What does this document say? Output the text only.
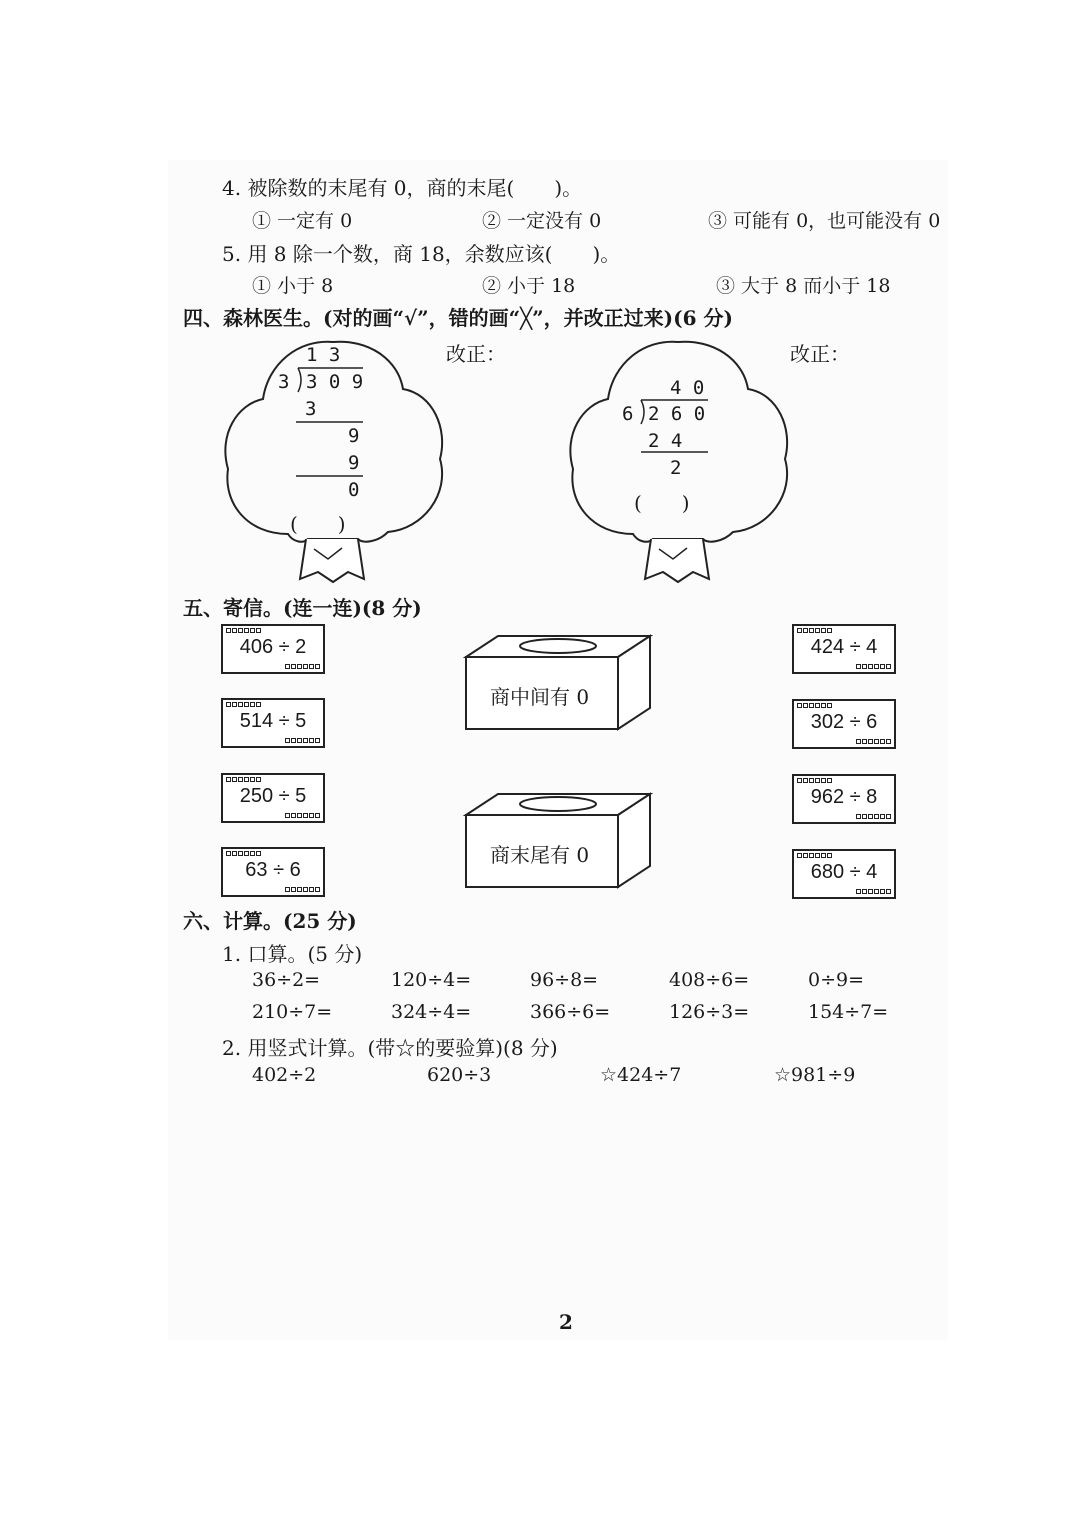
4. 被除数的末尾有 0，商的末尾(　　)。
① 一定有 0	② 一定没有 0	③ 可能有 0，也可能没有 0
5. 用 8 除一个数，商 18，余数应该(　　)。
① 小于 8	② 小于 18	③ 大于 8 而小于 18
四、森林医生。(对的画“√”，错的画“╳”，并改正过来)(6 分)
改正：	改正：
1 3
3 3 0 9
3
9
9
0
(　　)
4 0
6 2 6 0
2 4
2
(　　)
五、寄信。(连一连)(8 分)
406 ÷ 2
514 ÷ 5
250 ÷ 5
63 ÷ 6
424 ÷ 4
302 ÷ 6
962 ÷ 8
680 ÷ 4
商中间有 0
商末尾有 0
六、计算。(25 分)
1. 口算。(5 分)
36÷2=	120÷4=	96÷8=	408÷6=	0÷9=
210÷7=	324÷4=	366÷6=	126÷3=	154÷7=
2. 用竖式计算。(带☆的要验算)(8 分)
402÷2	620÷3	☆424÷7	☆981÷9
2
